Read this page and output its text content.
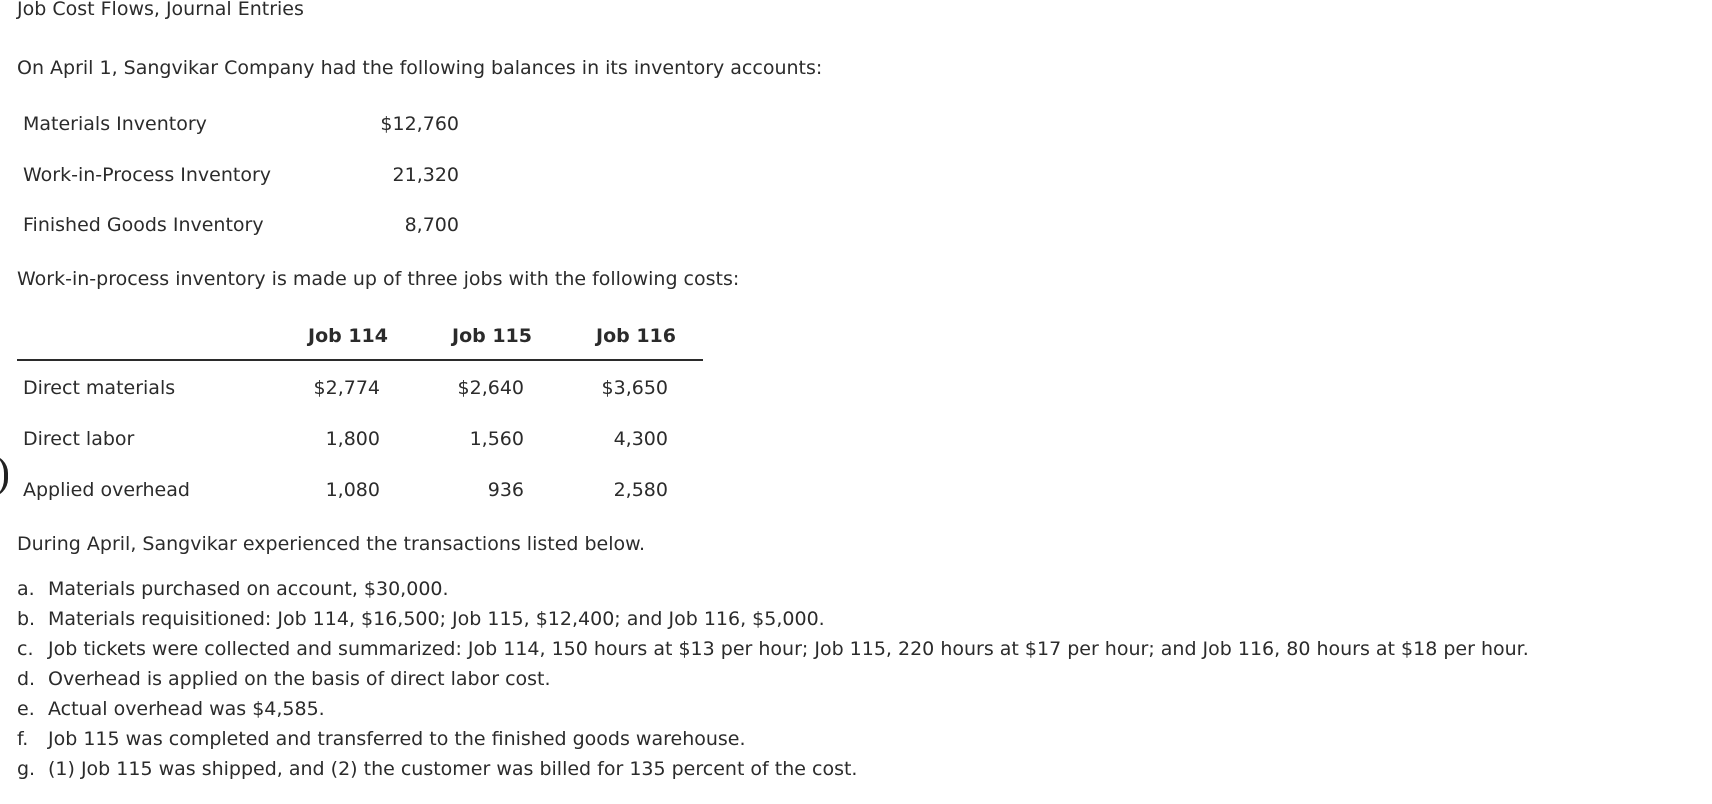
Job Cost Flows, Journal Entries
On April 1, Sangvikar Company had the following balances in its inventory accounts:
Materials Inventory	$12,760
Work-in-Process Inventory	21,320
Finished Goods Inventory	8,700
Work-in-process inventory is made up of three jobs with the following costs:
Job 114	Job 115	Job 116
Direct materials	$2,774	$2,640	$3,650
Direct labor	1,800	1,560	4,300
Applied overhead	1,080	936	2,580
During April, Sangvikar experienced the transactions listed below.
a. Materials purchased on account, $30,000.
b. Materials requisitioned: Job 114, $16,500; Job 115, $12,400; and Job 116, $5,000.
c. Job tickets were collected and summarized: Job 114, 150 hours at $13 per hour; Job 115, 220 hours at $17 per hour; and Job 116, 80 hours at $18 per hour.
d. Overhead is applied on the basis of direct labor cost.
e. Actual overhead was $4,585.
f. Job 115 was completed and transferred to the finished goods warehouse.
g. (1) Job 115 was shipped, and (2) the customer was billed for 135 percent of the cost.
